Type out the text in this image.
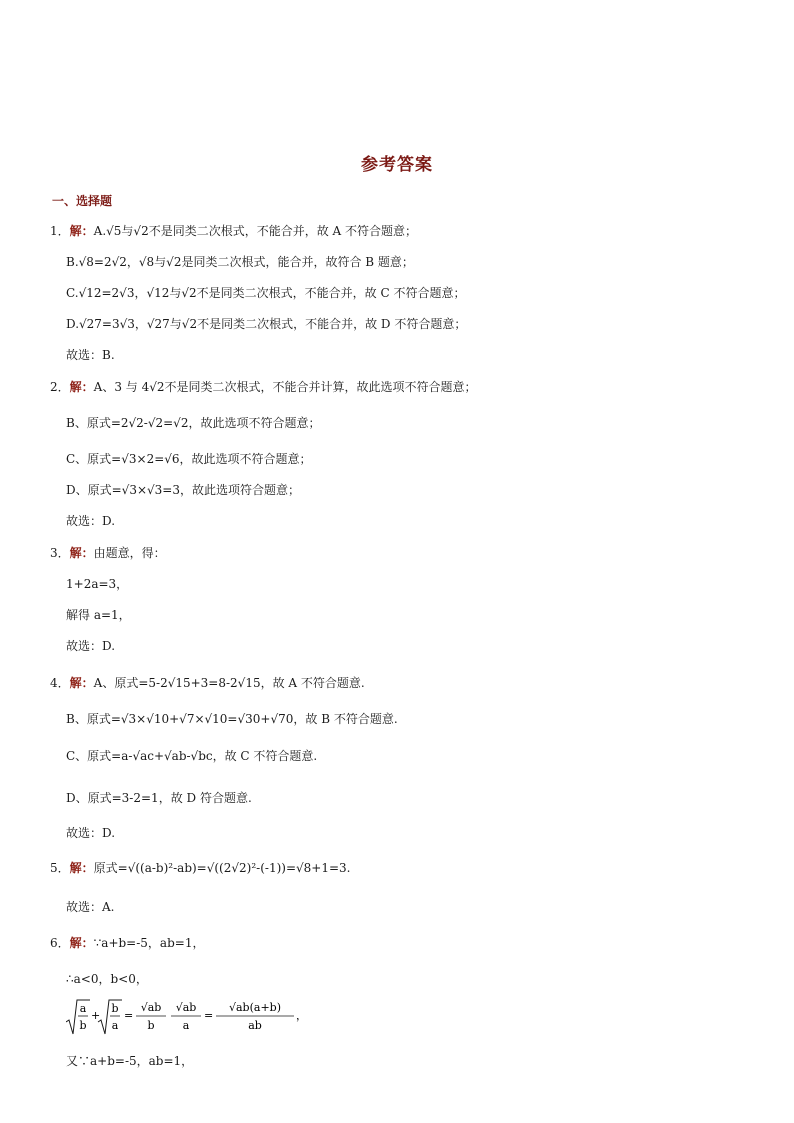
参考答案
一、选择题
1．解：A.√5与√2不是同类二次根式，不能合并，故 A 不符合题意；
B.√8=2√2，√8与√2是同类二次根式，能合并，故符合 B 题意；
C.√12=2√3，√12与√2不是同类二次根式，不能合并，故 C 不符合题意；
D.√27=3√3，√27与√2不是同类二次根式，不能合并，故 D 不符合题意；
故选：B.
2．解：A、3 与 4√2不是同类二次根式，不能合并计算，故此选项不符合题意；
B、原式=2√2-√2=√2，故此选项不符合题意；
C、原式=√3×2=√6，故此选项不符合题意；
D、原式=√3×√3=3，故此选项符合题意；
故选：D.
3．解：由题意，得：
1+2a=3，
解得 a=1，
故选：D.
4．解：A、原式=5-2√15+3=8-2√15，故 A 不符合题意.
B、原式=√3×√10+√7×√10=√30+√70，故 B 不符合题意.
C、原式=a-√ac+√ab-√bc，故 C 不符合题意.
D、原式=3-2=1，故 D 符合题意.
故选：D.
5．解：原式=√((a-b)²-ab)=√((2√2)²-(-1))=√8+1=3.
故选：A.
6．解：∵a+b=-5，ab=1，
∴a<0，b<0，
a
b
+
b
a
=
√ab
b
√ab
a
=
√ab(a+b)
ab
，
又∵a+b=-5，ab=1，
